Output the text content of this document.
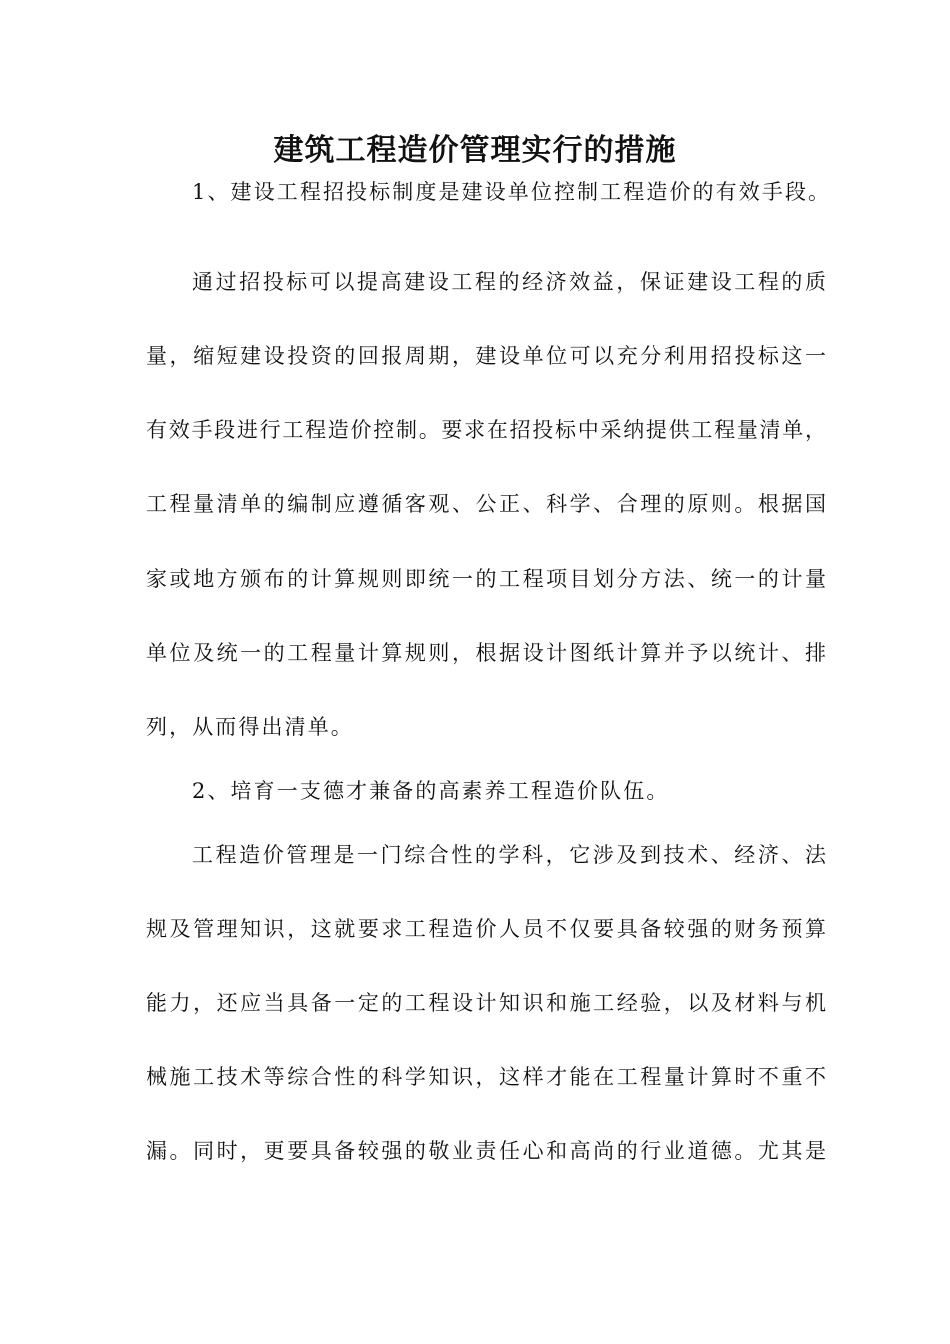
建筑工程造价管理实行的措施
1、建设工程招投标制度是建设单位控制工程造价的有效手段。
通过招投标可以提高建设工程的经济效益，保证建设工程的质
量，缩短建设投资的回报周期，建设单位可以充分利用招投标这一
有效手段进行工程造价控制。要求在招投标中采纳提供工程量清单，
工程量清单的编制应遵循客观、公正、科学、合理的原则。根据国
家或地方颁布的计算规则即统一的工程项目划分方法、统一的计量
单位及统一的工程量计算规则，根据设计图纸计算并予以统计、排
列，从而得出清单。
2、培育一支德才兼备的高素养工程造价队伍。
工程造价管理是一门综合性的学科，它涉及到技术、经济、法
规及管理知识，这就要求工程造价人员不仅要具备较强的财务预算
能力，还应当具备一定的工程设计知识和施工经验，以及材料与机
械施工技术等综合性的科学知识，这样才能在工程量计算时不重不
漏。同时，更要具备较强的敬业责任心和高尚的行业道德。尤其是
